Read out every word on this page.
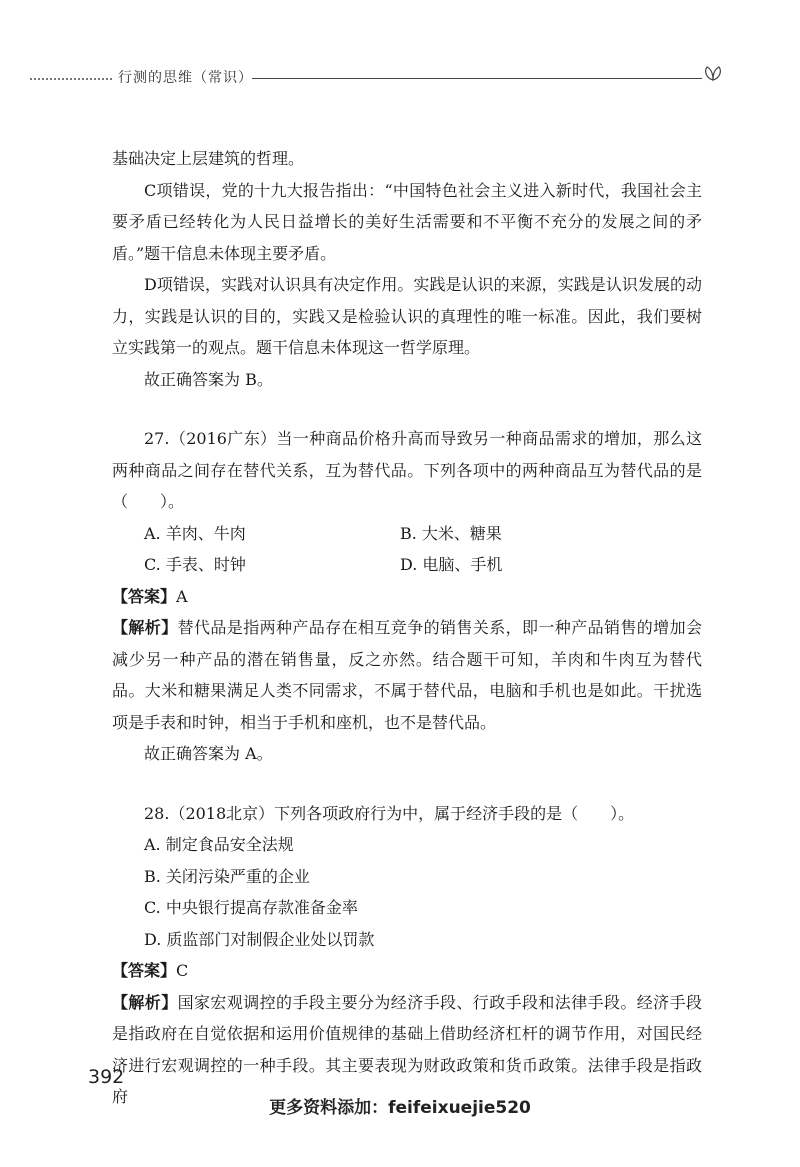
行测的思维（常识）

基础决定上层建筑的哲理。

C项错误，党的十九大报告指出：“中国特色社会主义进入新时代，我国社会主要矛盾已经转化为人民日益增长的美好生活需要和不平衡不充分的发展之间的矛盾。”题干信息未体现主要矛盾。

D项错误，实践对认识具有决定作用。实践是认识的来源，实践是认识发展的动力，实践是认识的目的，实践又是检验认识的真理性的唯一标准。因此，我们要树立实践第一的观点。题干信息未体现这一哲学原理。

故正确答案为 B。

27.（2016广东）当一种商品价格升高而导致另一种商品需求的增加，那么这两种商品之间存在替代关系，互为替代品。下列各项中的两种商品互为替代品的是（　　）。

A. 羊肉、牛肉	B. 大米、糖果
C. 手表、时钟	D. 电脑、手机

【答案】A

【解析】替代品是指两种产品存在相互竞争的销售关系，即一种产品销售的增加会减少另一种产品的潜在销售量，反之亦然。结合题干可知，羊肉和牛肉互为替代品。大米和糖果满足人类不同需求，不属于替代品，电脑和手机也是如此。干扰选项是手表和时钟，相当于手机和座机，也不是替代品。

故正确答案为 A。

28.（2018北京）下列各项政府行为中，属于经济手段的是（　　）。

A. 制定食品安全法规

B. 关闭污染严重的企业

C. 中央银行提高存款准备金率

D. 质监部门对制假企业处以罚款

【答案】C

【解析】国家宏观调控的手段主要分为经济手段、行政手段和法律手段。经济手段是指政府在自觉依据和运用价值规律的基础上借助经济杠杆的调节作用，对国民经济进行宏观调控的一种手段。其主要表现为财政政策和货币政策。法律手段是指政府

392
更多资料添加：feifeixuejie520
